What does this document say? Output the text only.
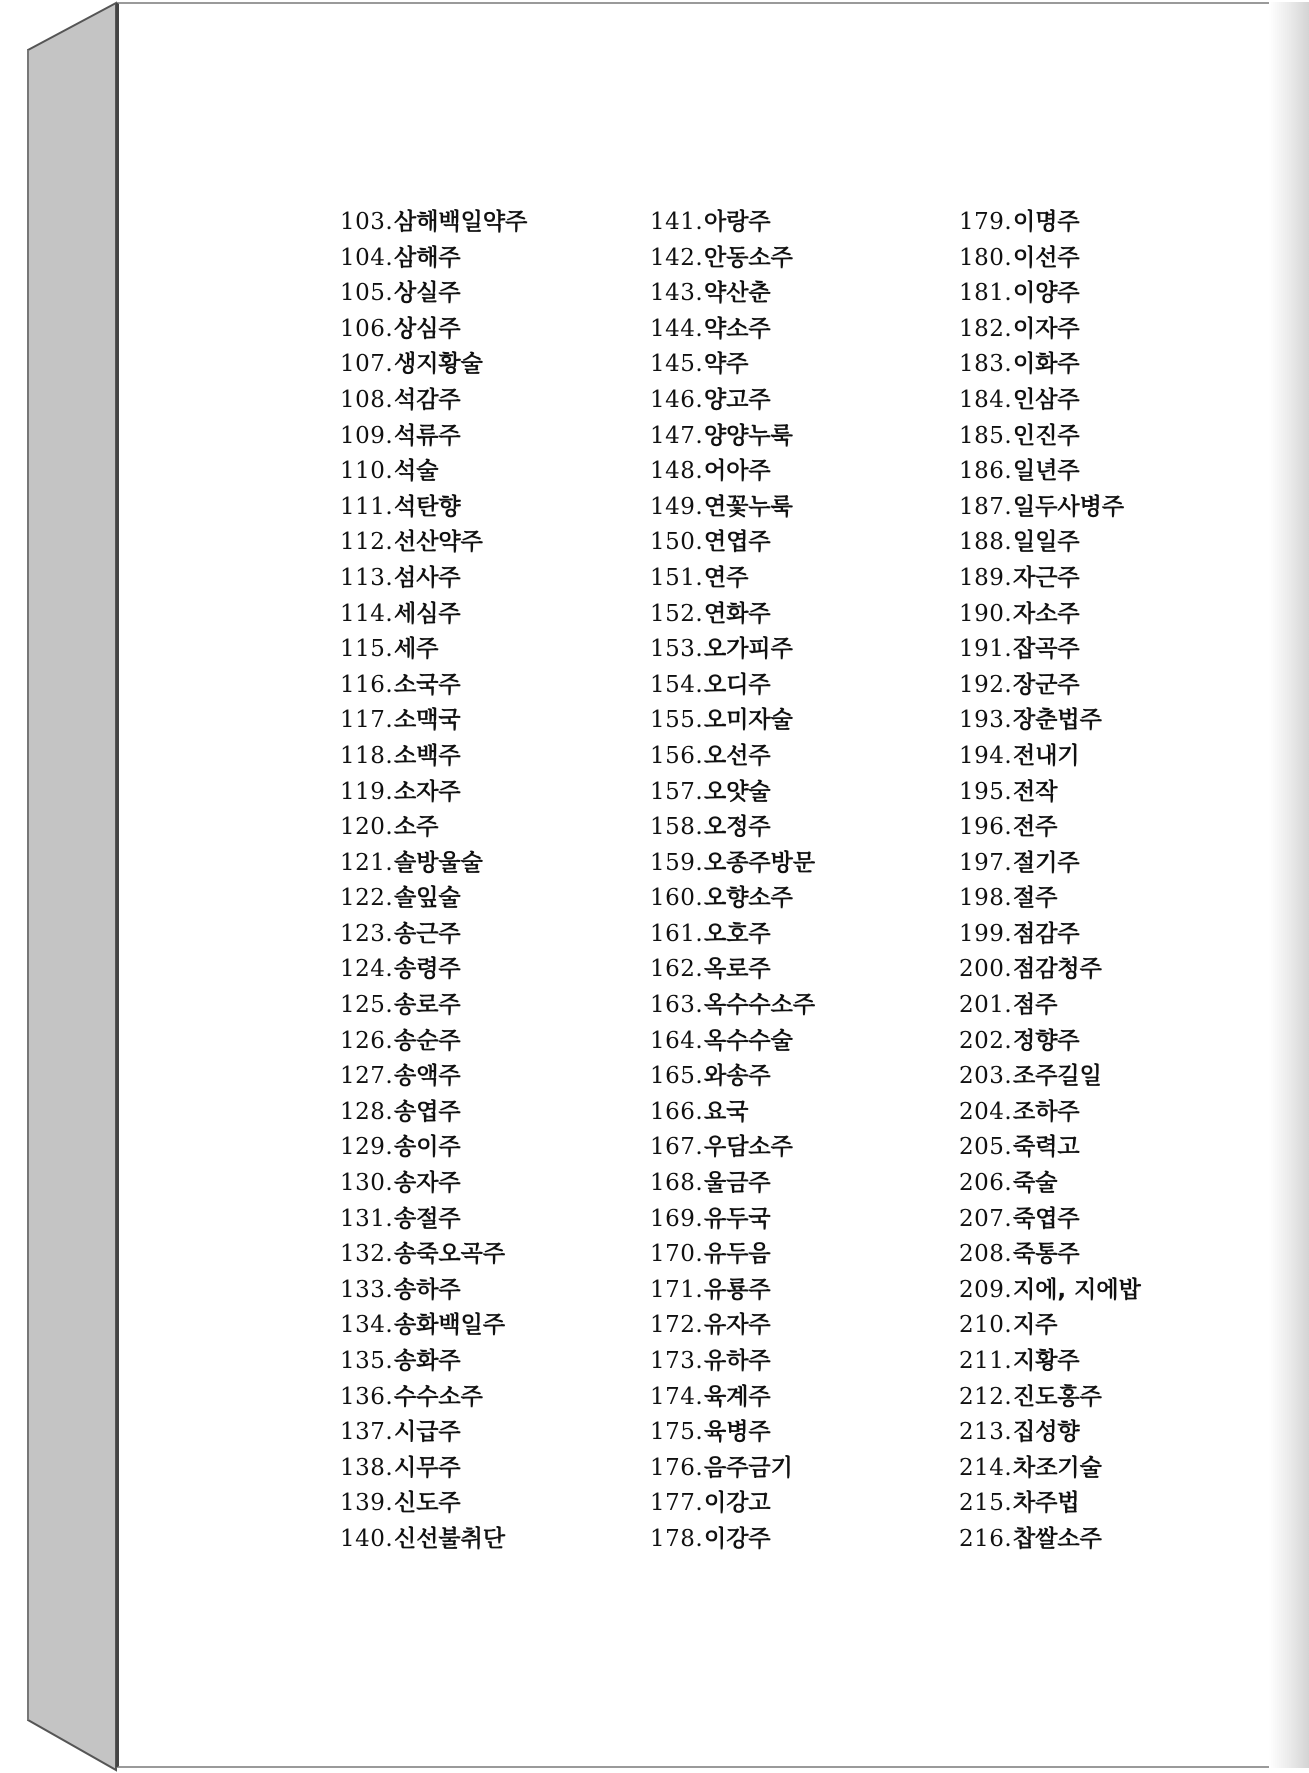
103.삼해백일약주
104.삼해주
105.상실주
106.상심주
107.생지황술
108.석감주
109.석류주
110.석술
111.석탄향
112.선산약주
113.섬사주
114.세심주
115.세주
116.소국주
117.소맥국
118.소백주
119.소자주
120.소주
121.솔방울술
122.솔잎술
123.송근주
124.송령주
125.송로주
126.송순주
127.송액주
128.송엽주
129.송이주
130.송자주
131.송절주
132.송죽오곡주
133.송하주
134.송화백일주
135.송화주
136.수수소주
137.시급주
138.시무주
139.신도주
140.신선불취단
141.아랑주
142.안동소주
143.약산춘
144.약소주
145.약주
146.양고주
147.양양누룩
148.어아주
149.연꽃누룩
150.연엽주
151.연주
152.연화주
153.오가피주
154.오디주
155.오미자술
156.오선주
157.오얏술
158.오정주
159.오종주방문
160.오향소주
161.오호주
162.옥로주
163.옥수수소주
164.옥수수술
165.와송주
166.요국
167.우담소주
168.울금주
169.유두국
170.유두음
171.유룡주
172.유자주
173.유하주
174.육계주
175.육병주
176.음주금기
177.이강고
178.이강주
179.이명주
180.이선주
181.이양주
182.이자주
183.이화주
184.인삼주
185.인진주
186.일년주
187.일두사병주
188.일일주
189.자근주
190.자소주
191.잡곡주
192.장군주
193.장춘법주
194.전내기
195.전작
196.전주
197.절기주
198.절주
199.점감주
200.점감청주
201.점주
202.정향주
203.조주길일
204.조하주
205.죽력고
206.죽술
207.죽엽주
208.죽통주
209.지에, 지에밥
210.지주
211.지황주
212.진도홍주
213.집성향
214.차조기술
215.차주법
216.찹쌀소주
